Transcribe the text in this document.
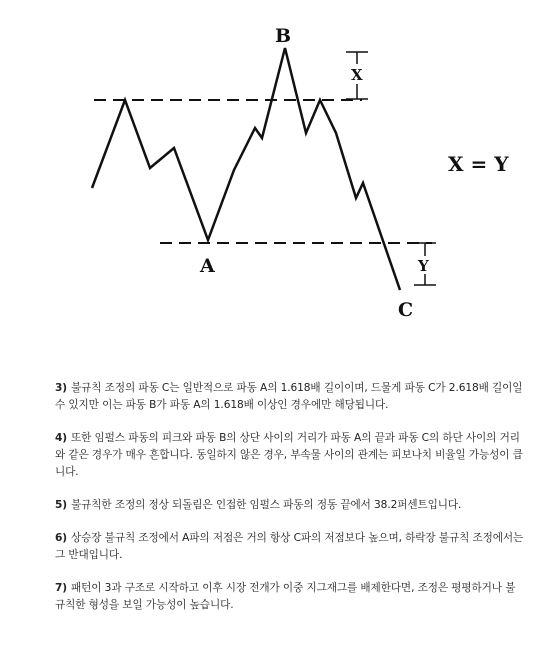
X
Y
B
A
C
X = Y
3) 불규칙 조정의 파동 C는 일반적으로 파동 A의 1.618배 길이이며, 드물게 파동 C가 2.618배 길이일 수 있지만 이는 파동 B가 파동 A의 1.618배 이상인 경우에만 해당됩니다.
4) 또한 임펄스 파동의 피크와 파동 B의 상단 사이의 거리가 파동 A의 끝과 파동 C의 하단 사이의 거리와 같은 경우가 매우 흔합니다. 동일하지 않은 경우, 부속물 사이의 관계는 피보나치 비율일 가능성이 큽니다.
5) 불규칙한 조정의 정상 되돌림은 인접한 임펄스 파동의 정동 끝에서 38.2퍼센트입니다.
6) 상승장 불규칙 조정에서 A파의 저점은 거의 항상 C파의 저점보다 높으며, 하락장 불규칙 조정에서는 그 반대입니다.
7) 패턴이 3과 구조로 시작하고 이후 시장 전개가 이중 지그재그를 배제한다면, 조정은 평평하거나 불규칙한 형성을 보일 가능성이 높습니다.
